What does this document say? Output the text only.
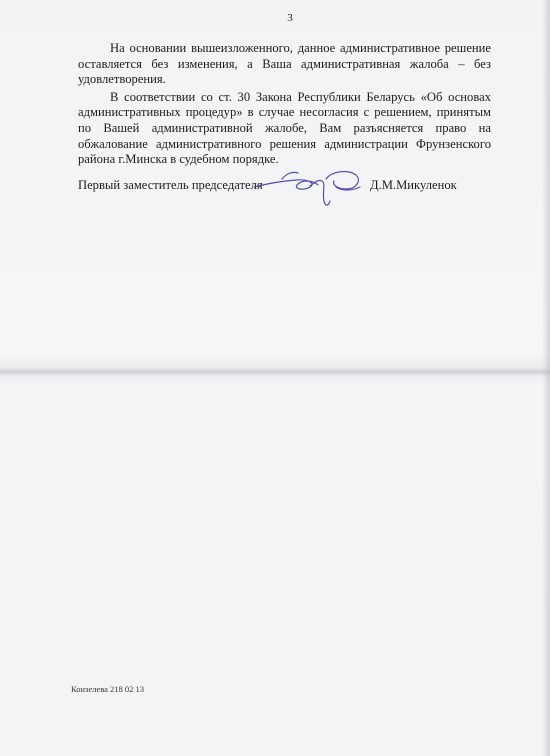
3

На основании вышеизложенного, данное административное решение оставляется без изменения, а Ваша административная жалоба – без удовлетворения.

В соответствии со ст. 30 Закона Республики Беларусь «Об основах административных процедур» в случае несогласия с решением, принятым по Вашей административной жалобе, Вам разъясняется право на обжалование административного решения администрации Фрунзенского района г.Минска в судебном порядке.

Первый заместитель председателя	Д.М.Микуленок
Конзелева 218 02 13
